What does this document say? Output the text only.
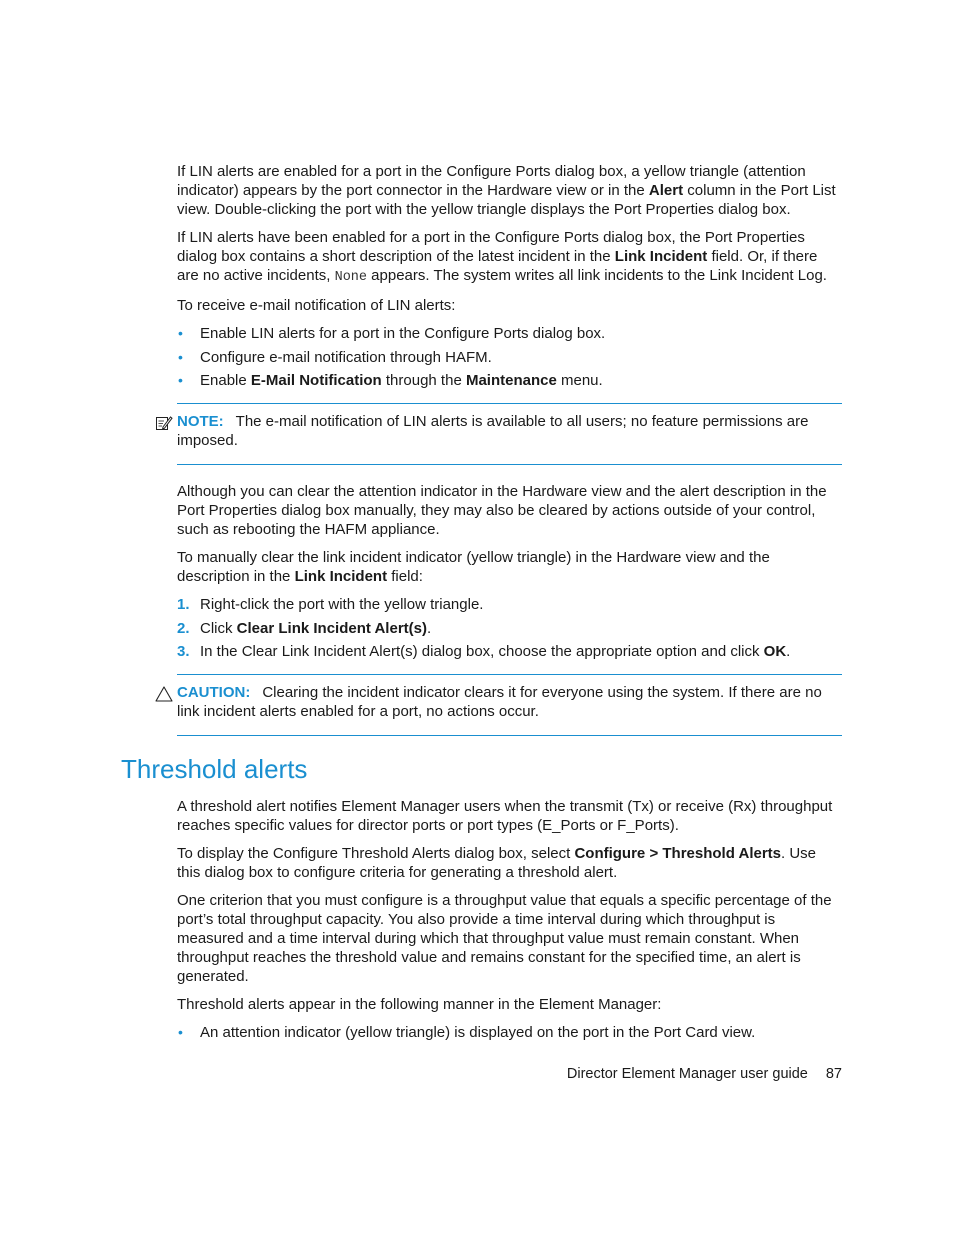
If LIN alerts are enabled for a port in the Configure Ports dialog box, a yellow triangle (attention indicator) appears by the port connector in the Hardware view or in the Alert column in the Port List view. Double-clicking the port with the yellow triangle displays the Port Properties dialog box.

If LIN alerts have been enabled for a port in the Configure Ports dialog box, the Port Properties dialog box contains a short description of the latest incident in the Link Incident field. Or, if there are no active incidents, None appears. The system writes all link incidents to the Link Incident Log.

To receive e-mail notification of LIN alerts:

• Enable LIN alerts for a port in the Configure Ports dialog box.
• Configure e-mail notification through HAFM.
• Enable E-Mail Notification through the Maintenance menu.
NOTE: The e-mail notification of LIN alerts is available to all users; no feature permissions are imposed.

Although you can clear the attention indicator in the Hardware view and the alert description in the Port Properties dialog box manually, they may also be cleared by actions outside of your control, such as rebooting the HAFM appliance.

To manually clear the link incident indicator (yellow triangle) in the Hardware view and the description in the Link Incident field:

1. Right-click the port with the yellow triangle.
2. Click Clear Link Incident Alert(s).
3. In the Clear Link Incident Alert(s) dialog box, choose the appropriate option and click OK.
CAUTION: Clearing the incident indicator clears it for everyone using the system. If there are no link incident alerts enabled for a port, no actions occur.
Threshold alerts

A threshold alert notifies Element Manager users when the transmit (Tx) or receive (Rx) throughput reaches specific values for director ports or port types (E_Ports or F_Ports).

To display the Configure Threshold Alerts dialog box, select Configure > Threshold Alerts. Use this dialog box to configure criteria for generating a threshold alert.

One criterion that you must configure is a throughput value that equals a specific percentage of the port’s total throughput capacity. You also provide a time interval during which throughput is measured and a time interval during which that throughput value must remain constant. When throughput reaches the threshold value and remains constant for the specified time, an alert is generated.

Threshold alerts appear in the following manner in the Element Manager:

• An attention indicator (yellow triangle) is displayed on the port in the Port Card view.
Director Element Manager user guide 87
